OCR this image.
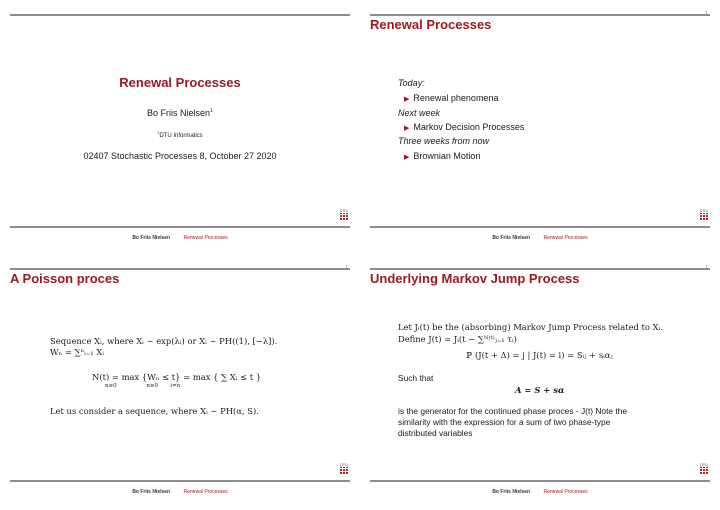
Renewal Processes
Bo Friis Nielsen$^1$
$^1$DTU Informatics
02407 Stochastic Processes 8, October 27 2020
DTU
Bo Friis Nielsen	Renewal Processes
Renewal Processes
1
Today:
▶ Renewal phenomena
Next week
▶ Markov Decision Processes
Three weeks from now
▶ Brownian Motion
DTU
Bo Friis Nielsen	Renewal Processes
A Poisson proces
1
Sequence Xᵢ, where Xᵢ ∼ exp(λᵢ) or Xᵢ ∼ PH((1), [−λ]).
Wₙ = ∑ⁿᵢ₌₁ Xᵢ
N(t) = max {Wₙ ≤ t} = max { ∑ Xᵢ ≤ t }
n≥0                 n≥0       i=n
Let us consider a sequence, where Xᵢ ∼ PH(α, S).
DTU
Bo Friis Nielsen	Renewal Processes
Underlying Markov Jump Process
1
Let Jᵢ(t) be the (absorbing) Markov Jump Process related to Xᵢ.
Define J(t) = Jᵢ(t − ∑ᴺ⁽ᵗ⁾ⱼ₌₁ τᵢ)
ℙ (J(t + Δ) = j | J(t) = i) = Sᵢⱼ + sᵢαⱼ
Such that
A = S + sα
is the generator for the continued phase proces - J(t) Note the
similarity with the expression for a sum of two phase-type
distributed variables
DTU
Bo Friis Nielsen	Renewal Processes
